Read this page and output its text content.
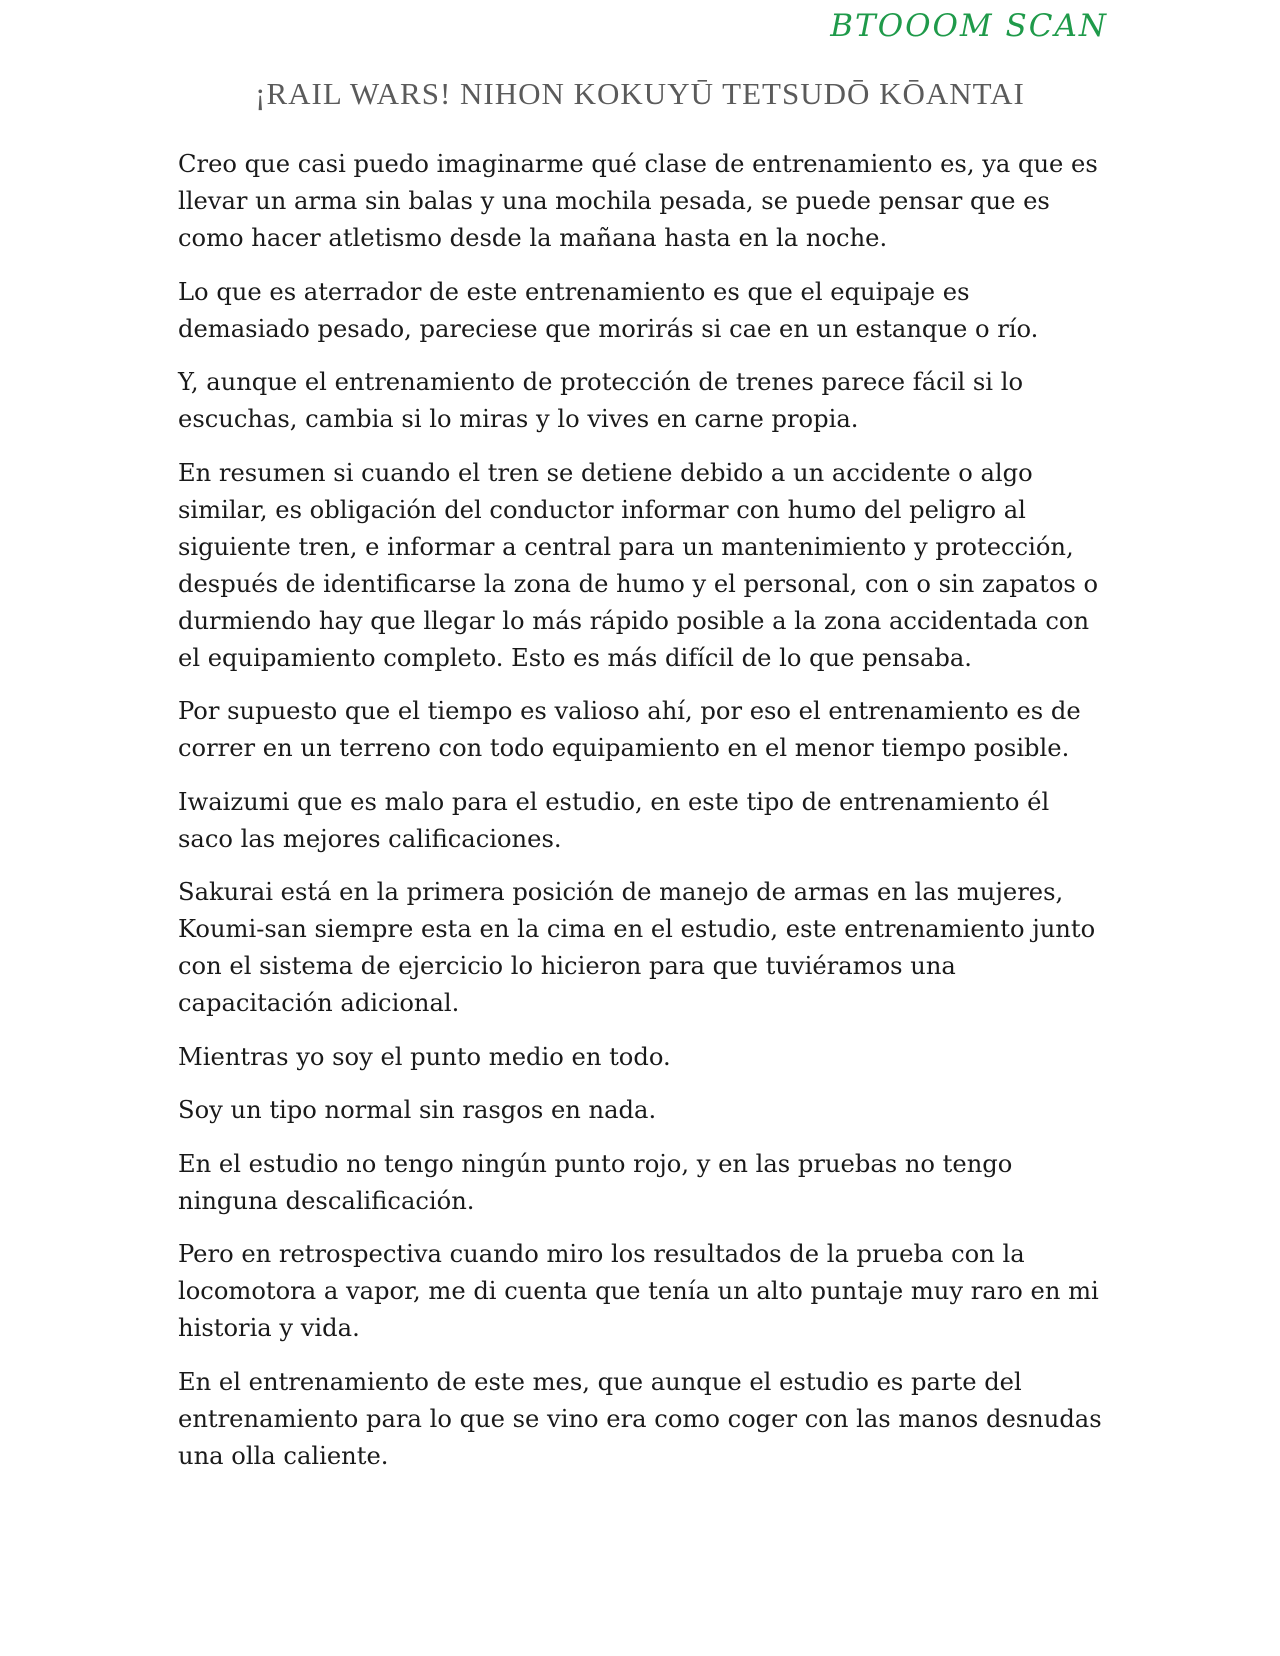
BTOOOM SCAN
¡RAIL WARS! NIHON KOKUYŪ TETSUDŌ KŌANTAI

Creo que casi puedo imaginarme qué clase de entrenamiento es, ya que es llevar un arma sin balas y una mochila pesada, se puede pensar que es como hacer atletismo desde la mañana hasta en la noche.

Lo que es aterrador de este entrenamiento es que el equipaje es demasiado pesado, pareciese que morirás si cae en un estanque o río.

Y, aunque el entrenamiento de protección de trenes parece fácil si lo escuchas, cambia si lo miras y lo vives en carne propia.

En resumen si cuando el tren se detiene debido a un accidente o algo similar, es obligación del conductor informar con humo del peligro al siguiente tren, e informar a central para un mantenimiento y protección, después de identificarse la zona de humo y el personal, con o sin zapatos o durmiendo hay que llegar lo más rápido posible a la zona accidentada con el equipamiento completo. Esto es más difícil de lo que pensaba.

Por supuesto que el tiempo es valioso ahí, por eso el entrenamiento es de correr en un terreno con todo equipamiento en el menor tiempo posible.

Iwaizumi que es malo para el estudio, en este tipo de entrenamiento él saco las mejores calificaciones.

Sakurai está en la primera posición de manejo de armas en las mujeres, Koumi-san siempre esta en la cima en el estudio, este entrenamiento junto con el sistema de ejercicio lo hicieron para que tuviéramos una capacitación adicional.

Mientras yo soy el punto medio en todo.

Soy un tipo normal sin rasgos en nada.

En el estudio no tengo ningún punto rojo, y en las pruebas no tengo ninguna descalificación.

Pero en retrospectiva cuando miro los resultados de la prueba con la locomotora a vapor, me di cuenta que tenía un alto puntaje muy raro en mi historia y vida.

En el entrenamiento de este mes, que aunque el estudio es parte del entrenamiento para lo que se vino era como coger con las manos desnudas una olla caliente.
